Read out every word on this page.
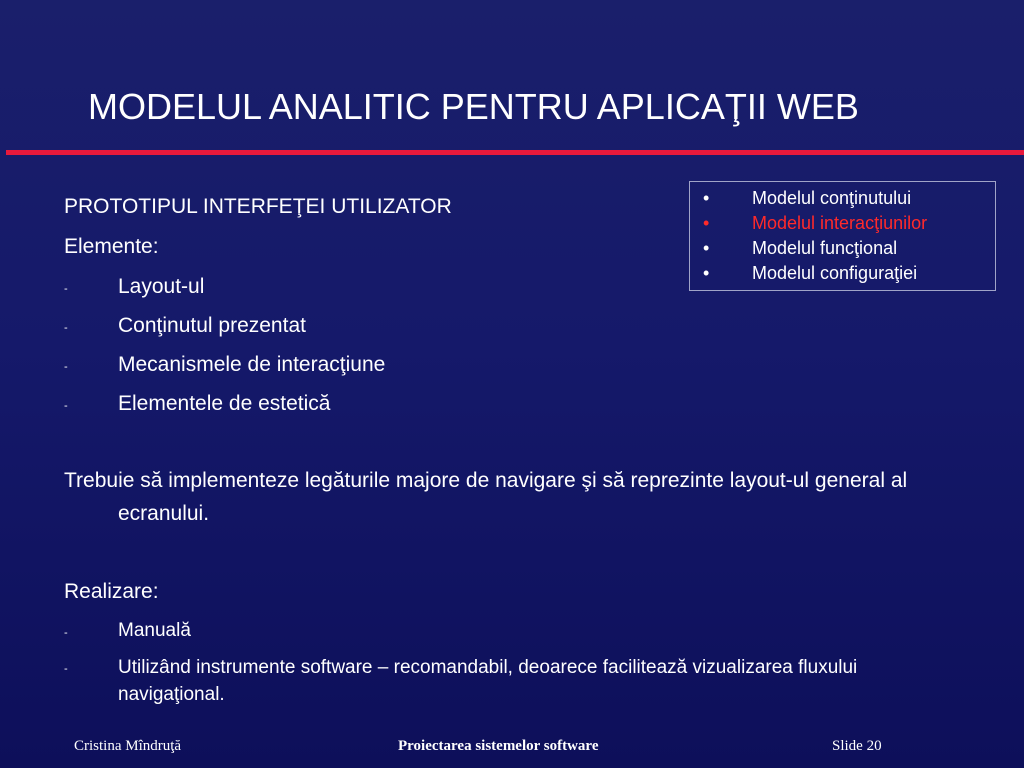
MODELUL ANALITIC PENTRU APLICAŢII WEB
• Modelul conţinutului
• Modelul interacţiunilor
• Modelul funcţional
• Modelul configuraţiei
PROTOTIPUL INTERFEŢEI UTILIZATOR
Elemente:
- Layout-ul
- Conţinutul prezentat
- Mecanismele de interacţiune
- Elementele de estetică
Trebuie să implementeze legăturile majore de navigare şi să reprezinte layout-ul general al ecranului.
Realizare:
-	Manuală
-	Utilizând instrumente software – recomandabil, deoarece facilitează vizualizarea fluxului navigaţional.
Cristina Mîndruţă	Proiectarea sistemelor software	Slide 20
